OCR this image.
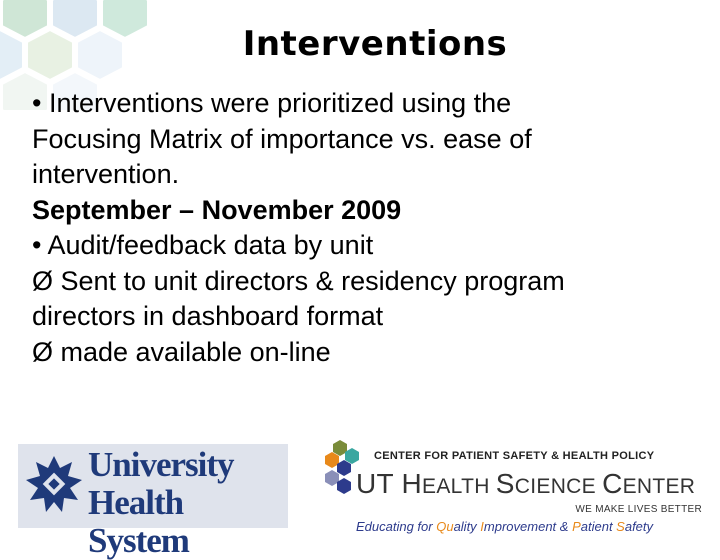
Interventions
• Interventions were prioritized using the
Focusing Matrix of importance vs. ease of
intervention.
September – November 2009
• Audit/feedback data by unit
Ø Sent to unit directors & residency program
directors in dashboard format
Ø made available on-line
University
Health System
CENTER FOR PATIENT SAFETY & HEALTH POLICY
UT HEALTH SCIENCE CENTER
WE MAKE LIVES BETTER
Educating for Quality Improvement & Patient Safety
